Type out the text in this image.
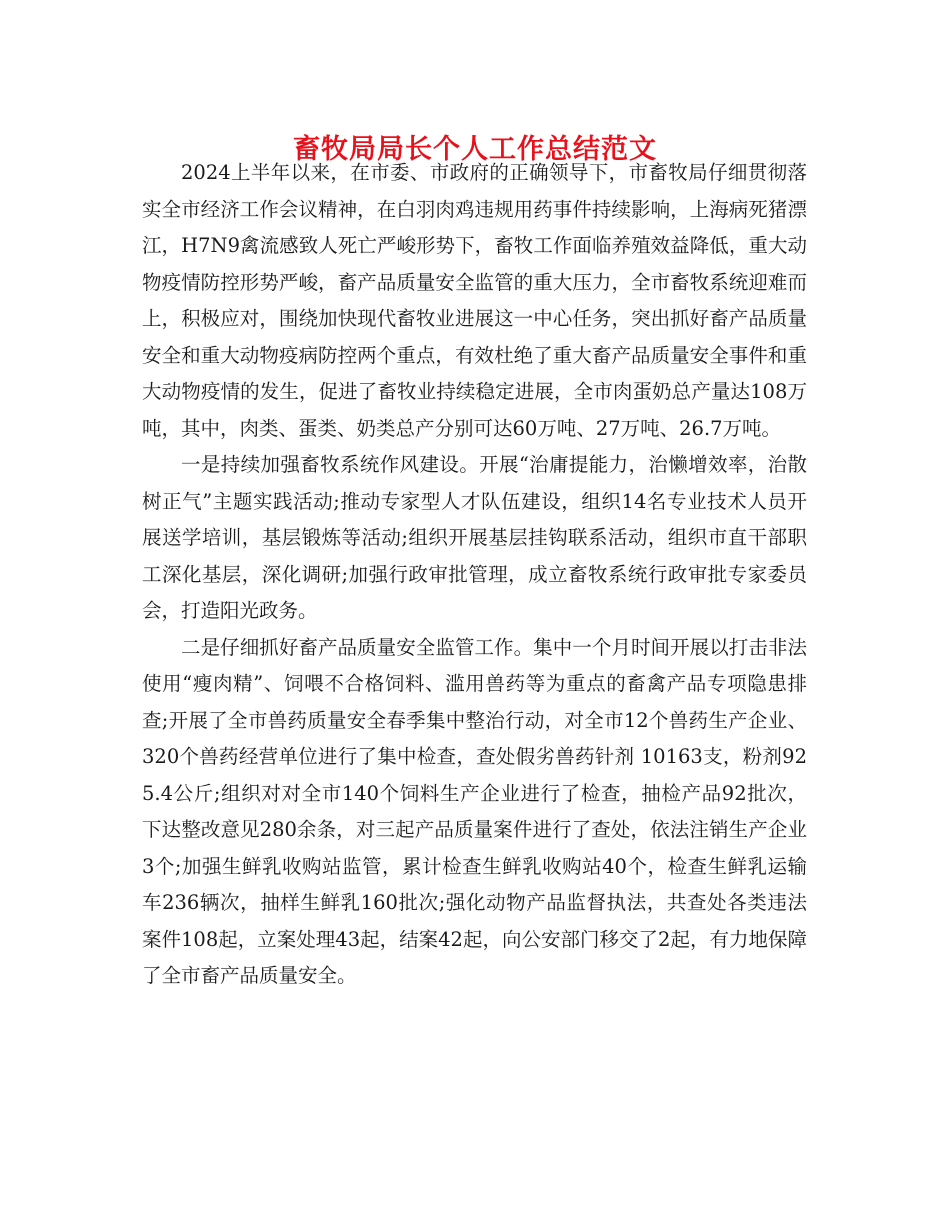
畜牧局局长个人工作总结范文

2024上半年以来，在市委、市政府的正确领导下，市畜牧局仔细贯彻落实全市经济工作会议精神，在白羽肉鸡违规用药事件持续影响，上海病死猪漂江，H7N9禽流感致人死亡严峻形势下，畜牧工作面临养殖效益降低，重大动物疫情防控形势严峻，畜产品质量安全监管的重大压力，全市畜牧系统迎难而上，积极应对，围绕加快现代畜牧业进展这一中心任务，突出抓好畜产品质量安全和重大动物疫病防控两个重点，有效杜绝了重大畜产品质量安全事件和重大动物疫情的发生，促进了畜牧业持续稳定进展，全市肉蛋奶总产量达108万吨，其中，肉类、蛋类、奶类总产分别可达60万吨、27万吨、26.7万吨。

一是持续加强畜牧系统作风建设。开展“治庸提能力，治懒增效率，治散树正气”主题实践活动;推动专家型人才队伍建设，组织14名专业技术人员开展送学培训，基层锻炼等活动;组织开展基层挂钩联系活动，组织市直干部职工深化基层，深化调研;加强行政审批管理，成立畜牧系统行政审批专家委员会，打造阳光政务。

二是仔细抓好畜产品质量安全监管工作。集中一个月时间开展以打击非法使用“瘦肉精”、饲喂不合格饲料、滥用兽药等为重点的畜禽产品专项隐患排查;开展了全市兽药质量安全春季集中整治行动，对全市12个兽药生产企业、320个兽药经营单位进行了集中检查，查处假劣兽药针剂 10163支，粉剂925.4公斤;组织对对全市140个饲料生产企业进行了检查，抽检产品92批次，下达整改意见280余条，对三起产品质量案件进行了查处，依法注销生产企业3个;加强生鲜乳收购站监管，累计检查生鲜乳收购站40个，检查生鲜乳运输车236辆次，抽样生鲜乳160批次;强化动物产品监督执法，共查处各类违法案件108起，立案处理43起，结案42起，向公安部门移交了2起，有力地保障了全市畜产品质量安全。
